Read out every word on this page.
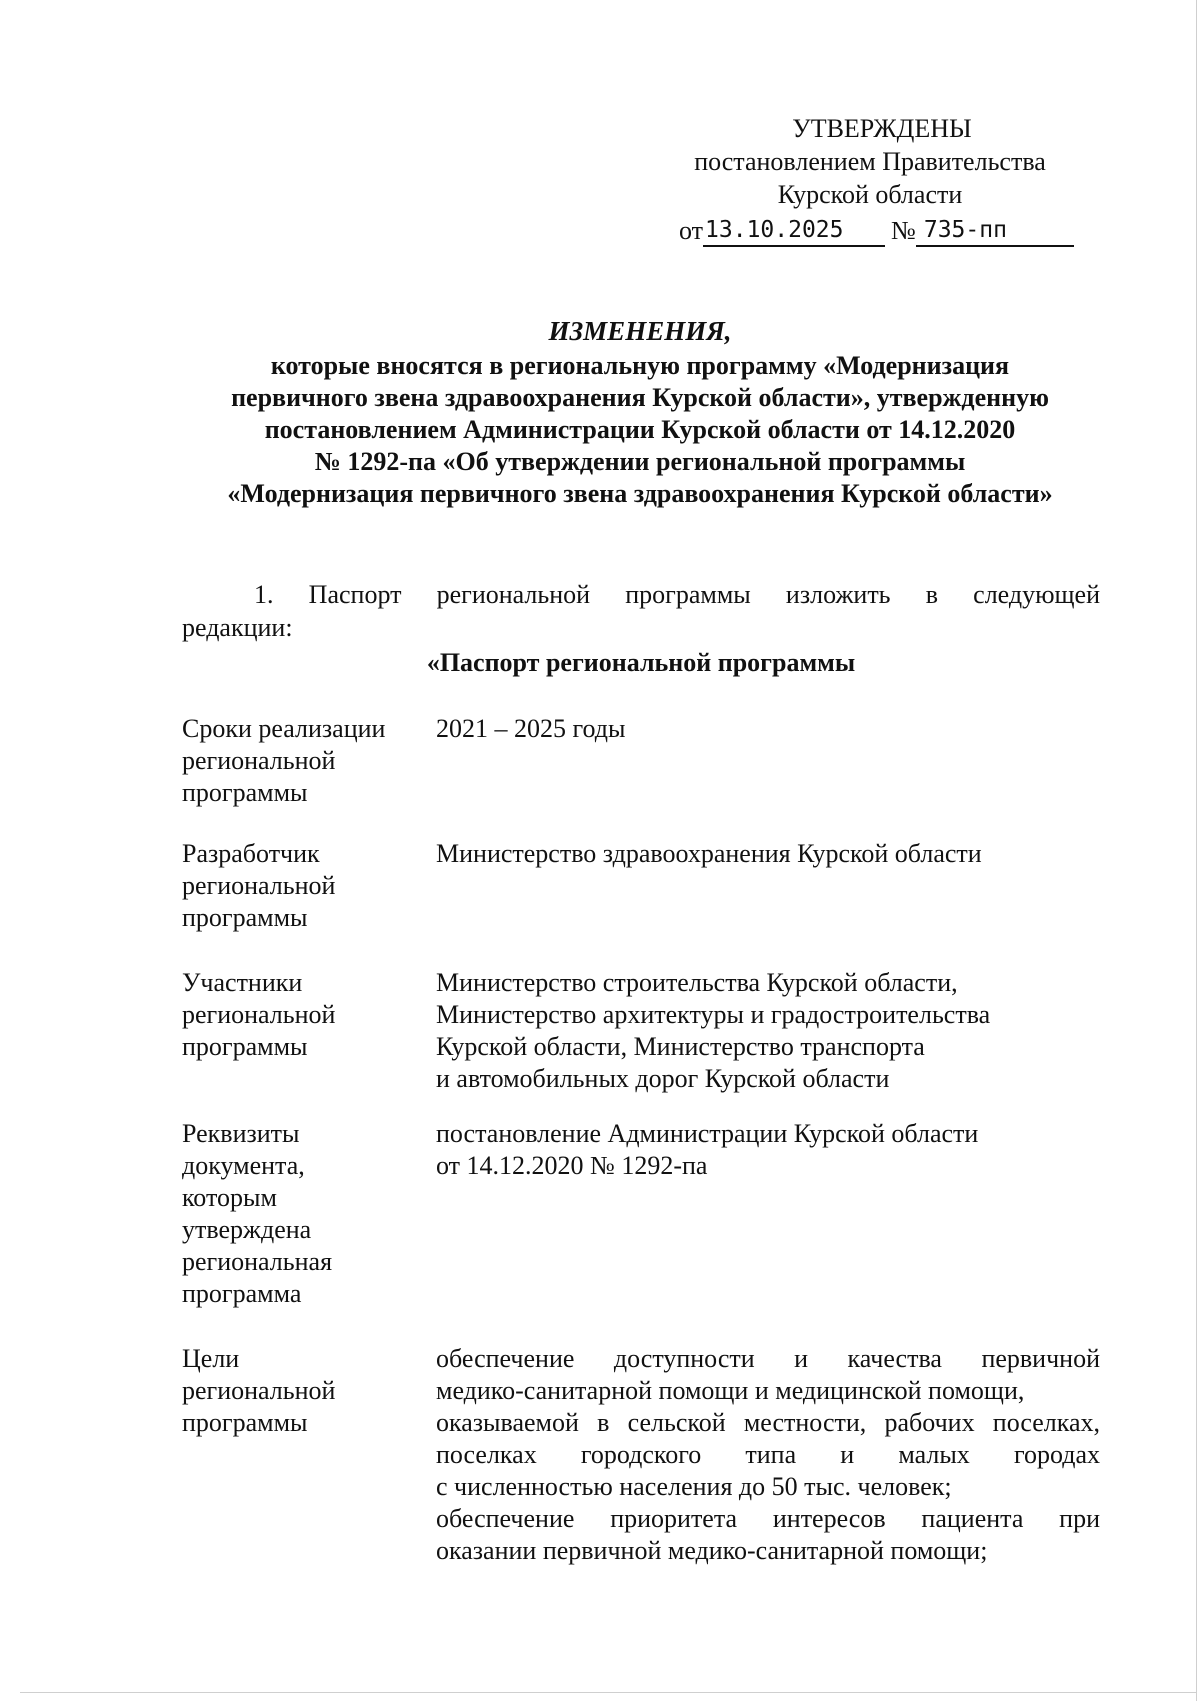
УТВЕРЖДЕНЫ
постановлением Правительства
Курской области
от13.10.2025 № 735-пп
ИЗМЕНЕНИЯ,
которые вносятся в региональную программу «Модернизация
первичного звена здравоохранения Курской области», утвержденную
постановлением Администрации Курской области от 14.12.2020
№ 1292-па «Об утверждении региональной программы
«Модернизация первичного звена здравоохранения Курской области»
1. Паспорт региональной программы изложить в следующей
редакции:
«Паспорт региональной программы
Сроки реализации
региональной
программы
2021 – 2025 годы
Разработчик
региональной
программы
Министерство здравоохранения Курской области
Участники
региональной
программы
Министерство строительства Курской области,
Министерство архитектуры и градостроительства
Курской области, Министерство транспорта
и автомобильных дорог Курской области
Реквизиты
документа,
которым
утверждена
региональная
программа
постановление Администрации Курской области
от 14.12.2020 № 1292-па
Цели
региональной
программы
обеспечение доступности и качества первичной
медико-санитарной помощи и медицинской помощи,
оказываемой в сельской местности, рабочих поселках,
поселках городского типа и малых городах
с численностью населения до 50 тыс. человек;
обеспечение приоритета интересов пациента при
оказании первичной медико-санитарной помощи;
